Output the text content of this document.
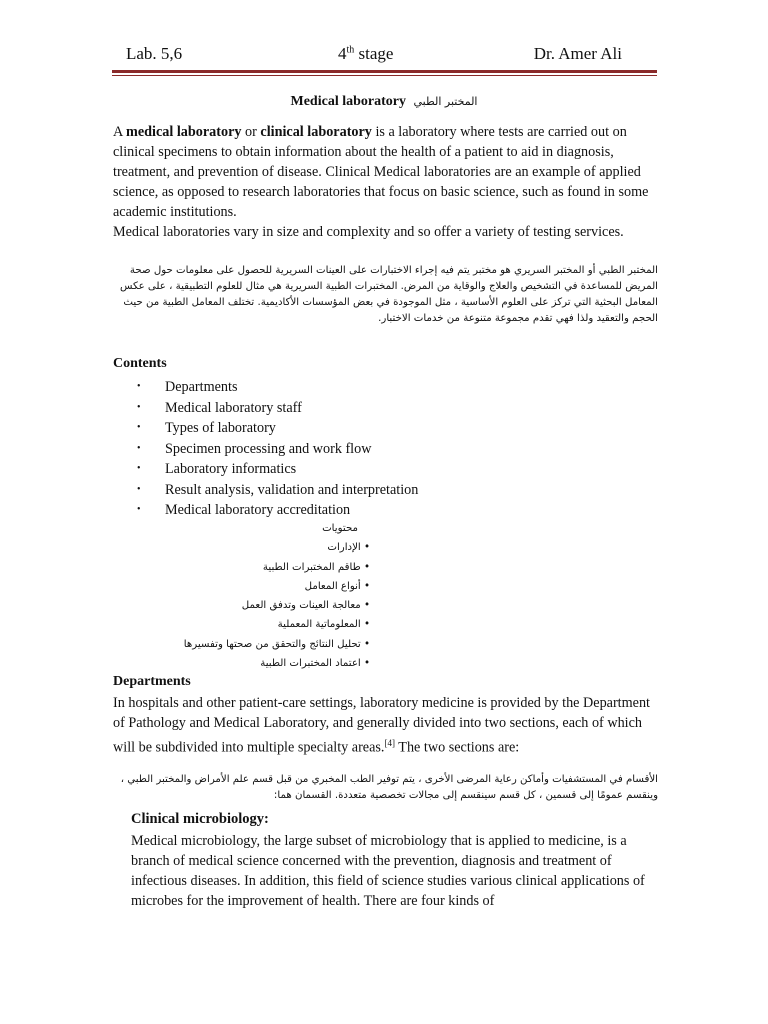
Lab. 5,6	4th stage	Dr. Amer Ali
Medical laboratory المختبر الطبي
A medical laboratory or clinical laboratory is a laboratory where tests are carried out on clinical specimens to obtain information about the health of a patient to aid in diagnosis, treatment, and prevention of disease. Clinical Medical laboratories are an example of applied science, as opposed to research laboratories that focus on basic science, such as found in some academic institutions.
Medical laboratories vary in size and complexity and so offer a variety of testing services.
المختبر الطبي أو المختبر السريري هو مختبر يتم فيه إجراء الاختبارات على العينات السريرية للحصول على معلومات حول صحة المريض للمساعدة في التشخيص والعلاج والوقاية من المرض. المختبرات الطبية السريرية هي مثال للعلوم التطبيقية ، على عكس المعامل البحثية التي تركز على العلوم الأساسية ، مثل الموجودة في بعض المؤسسات الأكاديمية. تختلف المعامل الطبية من حيث الحجم والتعقيد ولذا فهي تقدم مجموعة متنوعة من خدمات الاختبار.
Contents
• Departments
• Medical laboratory staff
• Types of laboratory
• Specimen processing and work flow
• Laboratory informatics
• Result analysis, validation and interpretation
• Medical laboratory accreditation
محتويات
• الإدارات
• طاقم المختبرات الطبية
• أنواع المعامل
• معالجة العينات وتدفق العمل
• المعلوماتية المعملية
• تحليل النتائج والتحقق من صحتها وتفسيرها
• اعتماد المختبرات الطبية
Departments
In hospitals and other patient-care settings, laboratory medicine is provided by the Department of Pathology and Medical Laboratory, and generally divided into two sections, each of which will be subdivided into multiple specialty areas.[4] The two sections are:
الأقسام في المستشفيات وأماكن رعاية المرضى الأخرى ، يتم توفير الطب المخبري من قبل قسم علم الأمراض والمختبر الطبي ، وينقسم عمومًا إلى قسمين ، كل قسم سينقسم إلى مجالات تخصصية متعددة. القسمان هما:
Clinical microbiology:
Medical microbiology, the large subset of microbiology that is applied to medicine, is a branch of medical science concerned with the prevention, diagnosis and treatment of infectious diseases. In addition, this field of science studies various clinical applications of microbes for the improvement of health. There are four kinds of
